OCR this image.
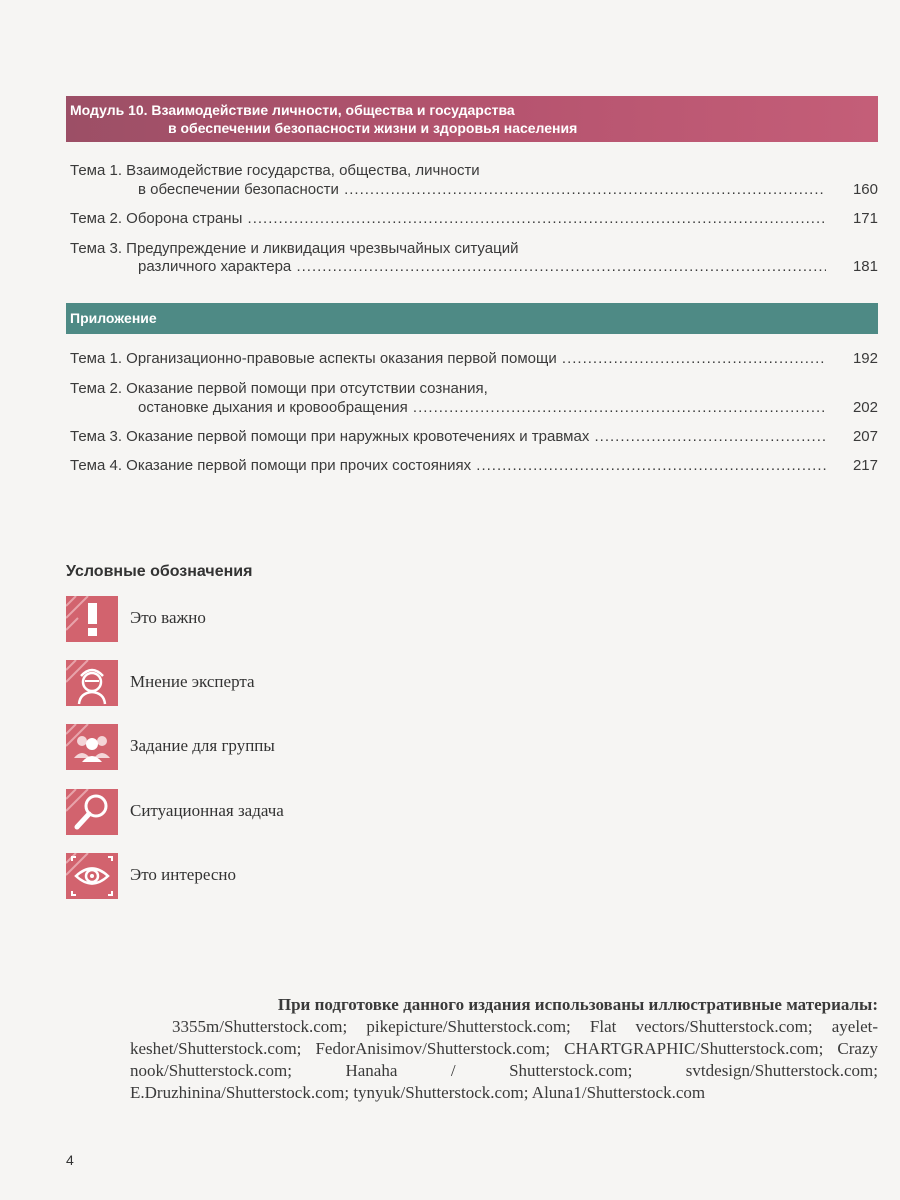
Модуль 10. Взаимодействие личности, общества и государства
в обеспечении безопасности жизни и здоровья населения
Тема 1. Взаимодействие государства, общества, личности
в обеспечении безопасности .....	160
Тема 2. Оборона страны .....	171
Тема 3. Предупреждение и ликвидация чрезвычайных ситуаций
различного характера .....	181
Приложение
Тема 1. Организационно-правовые аспекты оказания первой помощи .....	192
Тема 2. Оказание первой помощи при отсутствии сознания,
остановке дыхания и кровообращения .....	202
Тема 3. Оказание первой помощи при наружных кровотечениях и травмах .....	207
Тема 4. Оказание первой помощи при прочих состояниях .....	217
Условные обозначения
Это важно
Мнение эксперта
Задание для группы
Ситуационная задача
Это интересно
При подготовке данного издания использованы иллюстративные материалы:
3355m/Shutterstock.com; pikepicture/Shutterstock.com; Flat vectors/Shutterstock.com; ayelet-keshet/Shutterstock.com; FedorAnisimov/Shutterstock.com; CHARTGRAPHIC/Shutterstock.com; Crazy nook/Shutterstock.com; Hanaha / Shutterstock.com; svtdesign/Shutterstock.com; E.Druzhinina/Shutterstock.com; tynyuk/Shutterstock.com; Aluna1/Shutterstock.com
4
